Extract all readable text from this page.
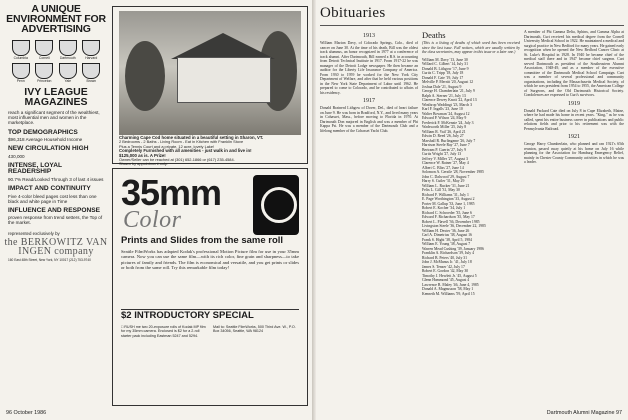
A UNIQUE ENVIRONMENT FOR ADVERTISING
Columbia	Cornell	Dartmouth	Harvard
Penn	Princeton	Yale	Brown
IVY LEAGUE MAGAZINES
reach a significant segment of the wealthiest, most influential men and women in the marketplace.
TOP DEMOGRAPHICS
$96,318 Average Household Income
NEW CIRCULATION HIGH
430,000
INTENSE, LOYAL READERSHIP
90.7% Read/Looked Through 3 of last 4 issues
IMPACT AND CONTINUITY
Five 4-color bleed pages cost less than one black and white page in Time
INFLUENCE AND RESPONSE
proven response from trend setters, the Top of the market.
represented exclusively by
the BERKOWITZ VAN INGEN company
160 East 48th Street, New York, NY 10017 (212) 753-9740
Charming Cape Cod home situated in a beautiful setting in Sharon, VT.
2 Bedrooms - 2 Baths - Living Room - Eat in Kitchen with Franklin Stove
Plus a Tennis Court and a private, 12 acre, lovely Lake!
Completely Furnished with all amenities - just walk in and live in!
$125,000 as is. A Prize!
Owner/Seller can be reached at (301) 652-1866 or (617) 235-4584.
Shown by appointment only.
35mm
Color
Prints and Slides from the same roll
Seattle FilmWorks has adapted Kodak's professional Motion Picture film for use in your 35mm camera. Now you can use the same film—with its rich color, fine grain and sharpness—to take pictures of family and friends. The film is economical and versatile, and you get prints or slides or both from the same roll. Try this remarkable film today!
$2 INTRODUCTORY SPECIAL
□ RUSH me two 20-exposure rolls of Kodak MP film for my 35mm camera. Enclosed is $2 for a 2-roll starter pack including Eastman 5247 and 5294.
Mail to: Seattle FilmWorks, 500 Third Ave. W., P.O. Box 34056, Seattle, WA 98124
96 October 1986
Obituaries
1913
William Marion Davy, of Colorado Springs, Colo., died of cancer on June 30. At the time of his death, Bill was the oldest track alumnus, an honor recognized in 1977 at a conference of track alumni. After Dartmouth, Bill earned a B.S. in accounting from Detroit Technical Institute in 1917. From 1917-22 he was manager of the Detroit Lodge newspaper. He then became an auditor for the Liberty Life Insurance Company of America. From 1930 to 1959 he worked for the New York City Department of Welfare, and after that he held various positions in the New York State Department of Labor until 1962. He prepared to come to Colorado, and he contributed to affairs of his residency.
1917
Donald Brainerd Lithgow of Dover, Del., died of heart failure on June 9. He was born in Bradford, N.Y., and lived many years in Cohasset, Mass., before moving to Florida in 1970. At Dartmouth Don majored in English and was a member of Phi Kappa Psi. He was a member of the Dartmouth Club and a lifelong member of the Cohasset Yacht Club.
Deaths
(This is a listing of deaths of which word has been received since the last issue. Full notices, which are usually written by the class secretaries, may appear in this issue or a later one.)
William M. Davy '13, June 30
Willard C. Gilbert '14, July 31
Donald B. Lithgow '17, June 9
Curtis C. Tripp '18, July 18
Donald F. Cate '19, July 17
Melville P. Merritt '20, August 12
Joshua Dale '21, August 9
George H. Chamberlain '21, July 9
Ralph A. Sterner '21, July 13
Clarence Dewey Knott '22, April 13
Winthrop Waddingt '23, March 3
Karl F. Ingalls '23, June 10
Walter Bowman '24, August 12
Edward P. Wilson '24, May 9
Frederick F. McKenzie '24, July 3
Wadsworth Miller '25, July 8
William R. Vail '26, April 21
Edwin D. Reed '26, July 27
Marshall R. Burlingame '26, July 7
Harrison Steele Ray '27, June 7
Bertram P. Guerin '27, July 9
Curtis Wright '27, July 13
Jeffrey V. Miller '27, August 3
Clarence W. Ratner '27, May 4
Albert C. Bliss '27, June 14
Solomon A. Gerstle '28, November 1985
John C. Dalwood '29, August 7
Harry S. Cutler '31, May 29
William L. Rucker '31, June 21
Felix L. Gill '31, May 30
Richard F. Williams '31, July 1
E. Page Worthington '33, August 2
Porter M. Gallup '33, June 1, 1985
Robert E. Kocher '34, July 1
Richard C. Schroeder '35, June 6
Edward F. Richardson '35, May 17
Robert L. Flavell '36, December 1985
Livingston Steele '36, December 22, 1985
William H. Dexter '36, June 26
Carl A. Dimetrius '38, August 16
Frank S. Hight '38, April 5, 1984
William E. Young '38, August 7
Warren Mead Cushing '39, January 1986
Franklin A. Richardson '39, July 4
Richard B. Peters '40, July 31
John J. McManus Jr. '41, July 18
James S. Tenzer '42, July 17
Robert E. Gordon '42, May 30
Timothy J. Hewlett Jr. '45, August 5
Glenn Hammond '45, August 4
Lawrence B. Maley '46, June 4, 1985
Donald A. Magnusson '58, May 1
Kenneth M. Williams '59, April 15
A member of Phi Gamma Delta, Sphinx, and Gamma Alpha at Dartmouth, Curt received his medical degree from the Cornell University Medical School in 1922. He maintained a medical and surgical practice in New Bedford for many years. He gained early recognition when he opened the New Bedford Cancer Clinic at St. Luke's Hospital in 1928. In 1940 he became chief of the medical staff there and in 1947 became chief surgeon. Curt served Dartmouth as president of the Southeastern Alumni Association, 1948-49, and as a member of the executive committee of the Dartmouth Medical School Campaign. Curt was a member of several professional and community organizations, including the Massachusetts Medical Society, of which he was president from 1954 to 1955, the American College of Surgeons, and the Old Dartmouth Historical Society. Condolences are expressed to Curt's survivors.
1919
Donald Packard Cate died on July 8 in Cape Elizabeth, Maine, where he had made his home in recent years. "King," as he was called, spent his entire business career in publications and public relations fields and prior to his retirement was with the Pennsylvania Railroad.
1921
George Harry Chamberlain, who planned and ran 1921's 65th reunion, passed away quietly at his home on July 16 while planning for the Association for Hamburg Emergency Relief, mainly in Chester County Community activities in which he was a leader.
Dartmouth Alumni Magazine 97
